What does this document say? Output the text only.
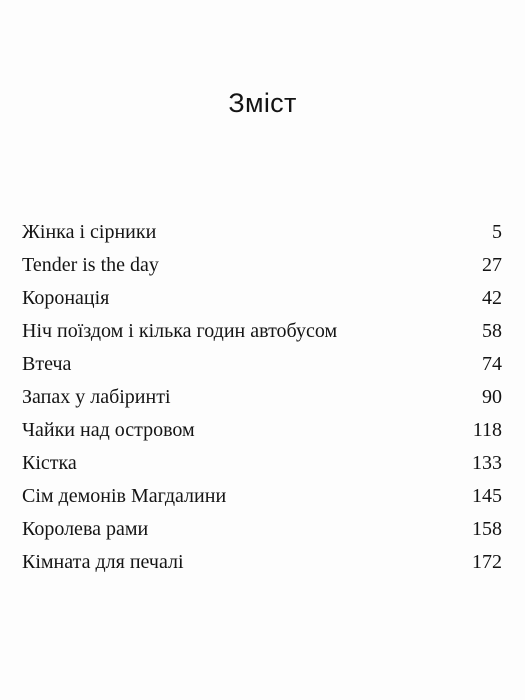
Зміст
Жінка і сірники	5
Tender is the day	27
Коронація	42
Ніч поїздом і кілька годин автобусом	58
Втеча	74
Запах у лабіринті	90
Чайки над островом	118
Кістка	133
Сім демонів Магдалини	145
Королева рами	158
Кімната для печалі	172
